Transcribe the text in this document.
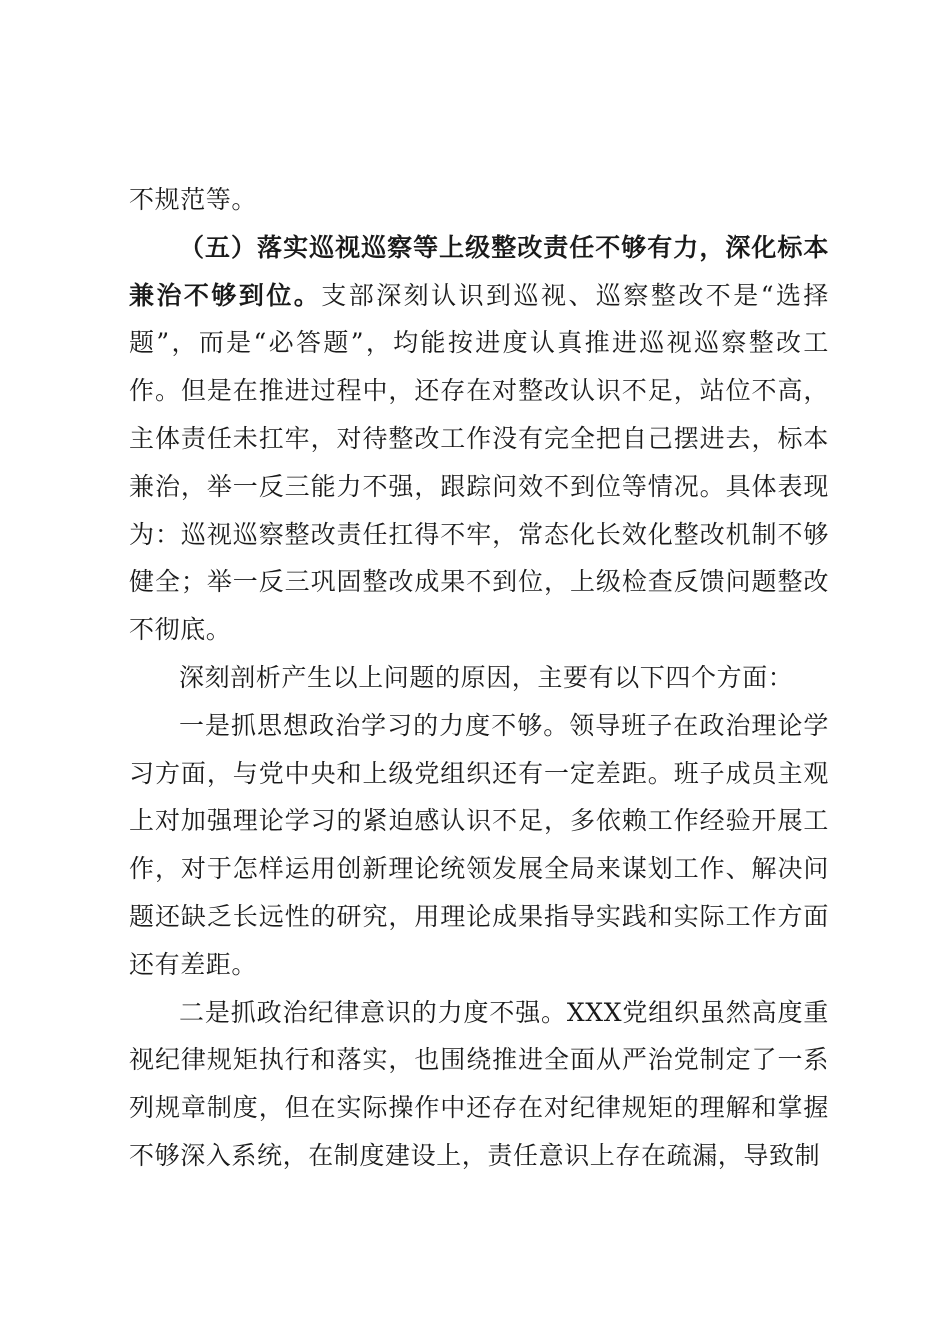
不规范等。

（五）落实巡视巡察等上级整改责任不够有力，深化标本兼治不够到位。支部深刻认识到巡视、巡察整改不是“选择题”，而是“必答题”，均能按进度认真推进巡视巡察整改工作。但是在推进过程中，还存在对整改认识不足，站位不高，主体责任未扛牢，对待整改工作没有完全把自己摆进去，标本兼治，举一反三能力不强，跟踪问效不到位等情况。具体表现为：巡视巡察整改责任扛得不牢，常态化长效化整改机制不够健全；举一反三巩固整改成果不到位，上级检查反馈问题整改不彻底。

深刻剖析产生以上问题的原因，主要有以下四个方面：

一是抓思想政治学习的力度不够。领导班子在政治理论学习方面，与党中央和上级党组织还有一定差距。班子成员主观上对加强理论学习的紧迫感认识不足，多依赖工作经验开展工作，对于怎样运用创新理论统领发展全局来谋划工作、解决问题还缺乏长远性的研究，用理论成果指导实践和实际工作方面还有差距。

二是抓政治纪律意识的力度不强。XXX党组织虽然高度重视纪律规矩执行和落实，也围绕推进全面从严治党制定了一系列规章制度，但在实际操作中还存在对纪律规矩的理解和掌握不够深入系统，在制度建设上，责任意识上存在疏漏，导致制
